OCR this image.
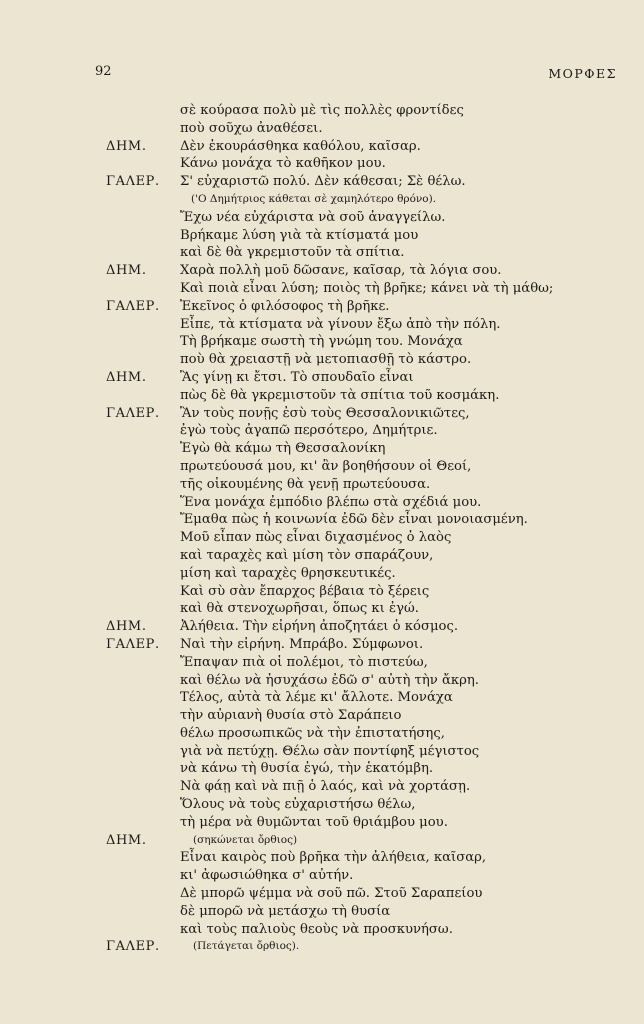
92	ΜΟΡΦΕΣ
σὲ κούρασα πολὺ μὲ τὶς πολλὲς φροντίδες
ποὺ σοῦχω ἀναθέσει.
ΔΗΜ.	Δὲν ἐκουράσθηκα καθόλου, καῖσαρ.
Κάνω μονάχα τὸ καθῆκον μου.
ΓΑΛΕΡ. Σ' εὐχαριστῶ πολύ. Δὲν κάθεσαι; Σὲ θέλω.
('Ο Δημήτριος κάθεται σὲ χαμηλότερο θρόνο).
Ἔχω νέα εὐχάριστα νὰ σοῦ ἀναγγείλω.
Βρήκαμε λύση γιὰ τὰ κτίσματά μου
καὶ δὲ θὰ γκρεμιστοῦν τὰ σπίτια.
ΔΗΜ.	Χαρὰ πολλὴ μοῦ δῶσανε, καῖσαρ, τὰ λόγια σου.
Καὶ ποιὰ εἶναι λύση; ποιὸς τὴ βρῆκε; κάνει νὰ τὴ μάθω;
ΓΑΛΕΡ. Ἐκεῖνος ὁ φιλόσοφος τὴ βρῆκε.
Εἶπε, τὰ κτίσματα νὰ γίνουν ἔξω ἀπὸ τὴν πόλη.
Τὴ βρήκαμε σωστὴ τὴ γνώμη του. Μονάχα
ποὺ θὰ χρειαστῇ νὰ μετοπιασθῇ τὸ κάστρο.
ΔΗΜ.	Ἂς γίνῃ κι ἔτσι. Τὸ σπουδαῖο εἶναι
πὼς δὲ θὰ γκρεμιστοῦν τὰ σπίτια τοῦ κοσμάκη.
ΓΑΛΕΡ. Ἂν τοὺς πονῇς ἐσὺ τοὺς Θεσσαλονικιῶτες,
ἐγὼ τοὺς ἀγαπῶ περσότερο, Δημήτριε.
Ἐγὼ θὰ κάμω τὴ Θεσσαλονίκη
πρωτεύουσά μου, κι' ἂν βοηθήσουν οἱ Θεοί,
τῆς οἰκουμένης θὰ γενῇ πρωτεύουσα.
Ἕνα μονάχα ἐμπόδιο βλέπω στὰ σχέδιά μου.
Ἔμαθα πὼς ἡ κοινωνία ἐδῶ δὲν εἶναι μονοιασμένη.
Μοῦ εἶπαν πὼς εἶναι διχασμένος ὁ λαὸς
καὶ ταραχὲς καὶ μίση τὸν σπαράζουν,
μίση καὶ ταραχὲς θρησκευτικές.
Καὶ σὺ σὰν ἔπαρχος βέβαια τὸ ξέρεις
καὶ θὰ στενοχωρῆσαι, ὅπως κι ἐγώ.
ΔΗΜ.	Ἀλήθεια. Τὴν εἰρήνη ἀποζητάει ὁ κόσμος.
ΓΑΛΕΡ. Ναὶ τὴν εἰρήνη. Μπράβο. Σύμφωνοι.
Ἔπαψαν πιὰ οἱ πολέμοι, τὸ πιστεύω,
καὶ θέλω νὰ ἡσυχάσω ἐδῶ σ' αὐτὴ τὴν ἄκρη.
Τέλος, αὐτὰ τὰ λέμε κι' ἄλλοτε. Μονάχα
τὴν αὐριανὴ θυσία στὸ Σαράπειο
θέλω προσωπικῶς νὰ τὴν ἐπιστατήσης,
γιὰ νὰ πετύχῃ. Θέλω σὰν ποντίφηξ μέγιστος
νὰ κάνω τὴ θυσία ἐγώ, τὴν ἑκατόμβη.
Νὰ φάῃ καὶ νὰ πιῇ ὁ λαός, καὶ νὰ χορτάσῃ.
Ὅλους νὰ τοὺς εὐχαριστήσω θέλω,
τὴ μέρα νὰ θυμῶνται τοῦ θριάμβου μου.
ΔΗΜ.	(σηκώνεται ὄρθιος)
Εἶναι καιρὸς ποὺ βρῆκα τὴν ἀλήθεια, καῖσαρ,
κι' ἀφωσιώθηκα σ' αὐτήν.
Δὲ μπορῶ ψέμμα νὰ σοῦ πῶ. Στοῦ Σαραπείου
δὲ μπορῶ νὰ μετάσχω τὴ θυσία
καὶ τοὺς παλιοὺς θεοὺς νὰ προσκυνήσω.
ΓΑΛΕΡ.	(Πετάγεται ὄρθιος).
